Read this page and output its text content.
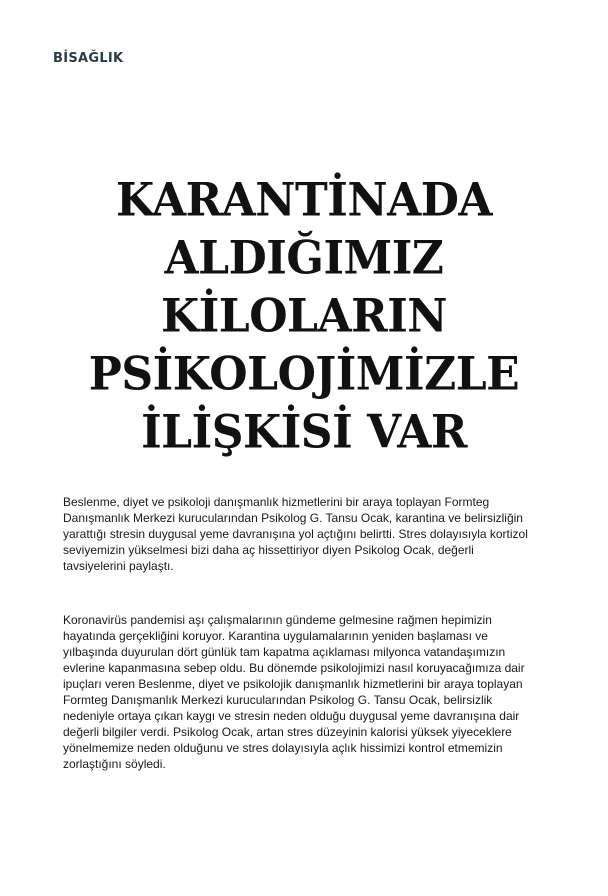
BİSAĞLIK
KARANTİNADA
ALDIĞIMIZ
KİLOLARIN
PSİKOLOJİMİZLE
İLİŞKİSİ VAR

Beslenme, diyet ve psikoloji danışmanlık hizmetlerini bir araya toplayan Formteg
Danışmanlık Merkezi kurucularından Psikolog G. Tansu Ocak, karantina ve belirsizliğin
yarattığı stresin duygusal yeme davranışına yol açtığını belirtti. Stres dolayısıyla kortizol
seviyemizin yükselmesi bizi daha aç hissettiriyor diyen Psikolog Ocak, değerli
tavsiyelerini paylaştı.

Koronavirüs pandemisi aşı çalışmalarının gündeme gelmesine rağmen hepimizin
hayatında gerçekliğini koruyor. Karantina uygulamalarının yeniden başlaması ve
yılbaşında duyurulan dört günlük tam kapatma açıklaması milyonca vatandaşımızın
evlerine kapanmasına sebep oldu. Bu dönemde psikolojimizi nasıl koruyacağımıza dair
ipuçları veren Beslenme, diyet ve psikolojik danışmanlık hizmetlerini bir araya toplayan
Formteg Danışmanlık Merkezi kurucularından Psikolog G. Tansu Ocak, belirsizlik
nedeniyle ortaya çıkan kaygı ve stresin neden olduğu duygusal yeme davranışına dair
değerli bilgiler verdi. Psikolog Ocak, artan stres düzeyinin kalorisi yüksek yiyeceklere
yönelmemize neden olduğunu ve stres dolayısıyla açlık hissimizi kontrol etmemizin
zorlaştığını söyledi.
